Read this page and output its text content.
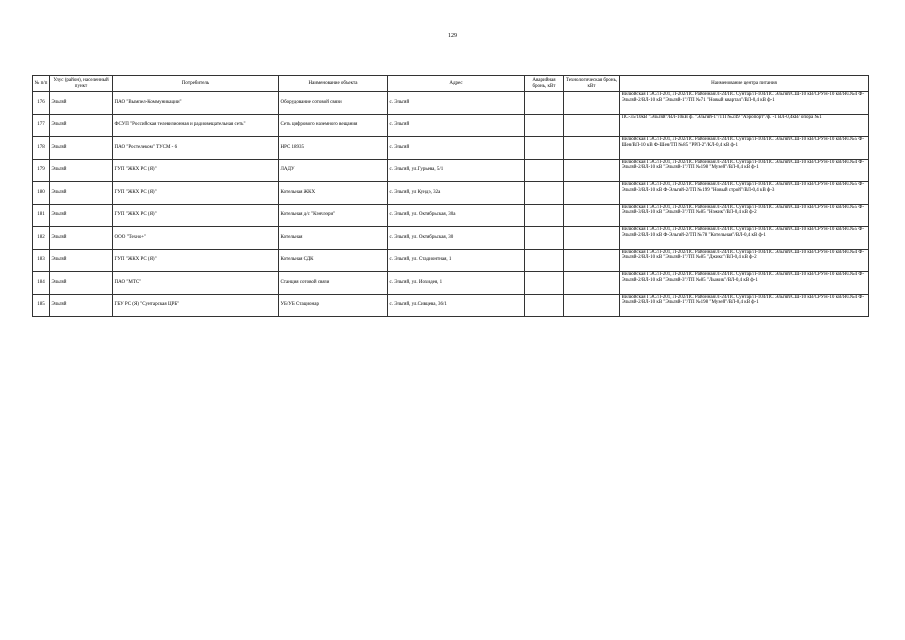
129
№ п/п	Улус (район), населенный пункт	Потребитель	Наименование объекта	Адрес	Аварийная бронь, кВт	Технологическая бронь, кВт	Наименование центра питания
176	Эльгяй	ПАО "Вымпел-Коммуникации"	Оборудование сотовой связи	с. Эльгяй			Вилюйская ГЭС/Л-201, Л-202/ПС Районная/Л-24/ПС Сунтар/Л-104/ПС Эльгяй/СШ-10 кВ/СРУН-10 кВ/Яч.№4 Ф-Эльгяй-2/ВЛ-10 кВ "Эльгяй-1"/ТП №71 "Новый квартал"/ВЛ-0,4 кВ ф-1

177	Эльгяй	ФСУП "Российская телевизионная и радиовещательная сеть"	Сеть цифрового наземного вещания	с. Эльгяй			ПС-35/10кВ "Эльгяй"/ВЛ-10кВ ф. "Эльгяй-1"/ТП №249 "Аэропорт"/ф. -1 ВЛ-0,4кВ/ опора №1

178	Эльгяй	ПАО "Ростелеком" ТУСМ - 6	НРС 18935	с. Эльгяй			Вилюйская ГЭС/Л-201, Л-202/ПС Районная/Л-24/ПС Сунтар/Л-104/ПС Эльгяй/СШ-10 кВ/СРУН-10 кВ/Яч.№5 Ф-Шея/ВЛ-10 кВ Ф-Шея/ТП №85 "РРЛ-2"/КЛ-0,4 кВ ф-1

179	Эльгяй	ГУП "ЖКХ РС (Я)"	ЛАДУ	с. Эльгяй, ул.Гурьева, 5/1			Вилюйская ГЭС/Л-201, Л-202/ПС Районная/Л-24/ПС Сунтар/Л-104/ПС Эльгяй/СШ-10 кВ/СРУН-10 кВ/Яч.№4 Ф-Эльгяй-2/ВЛ-10 кВ "Эльгяй-1"/ТП №198 "Музей"/ВЛ-0,4 кВ ф-1

180	Эльгяй	ГУП "ЖКХ РС (Я)"	Котельная ЖКХ	с. Эльгяй, ул Кундэ, 32а			Вилюйская ГЭС/Л-201, Л-202/ПС Районная/Л-24/ПС Сунтар/Л-104/ПС Эльгяй/СШ-10 кВ/СРУН-10 кВ/Яч.№5 Ф-Эльгяй-3/ВЛ-10 кВ Ф-Эльгяй-2/ТП №199 "Новый строй"/ВЛ-0,4 кВ ф-3

181	Эльгяй	ГУП "ЖКХ РС (Я)"	Котельная д/с "Кэнчээри"	с. Эльгяй, ул. Октябрьская, 30а			Вилюйская ГЭС/Л-201, Л-202/ПС Районная/Л-24/ПС Сунтар/Л-104/ПС Эльгяй/СШ-10 кВ/СРУН-10 кВ/Яч.№5 Ф-Эльгяй-3/ВЛ-10 кВ "Эльгяй-3"/ТП №85 "Нэжик"/ВЛ-0,4 кВ ф-2

182	Эльгяй	ООО "Техно+"	Котельная	с. Эльгяй, ул. Октябрьская, 30			Вилюйская ГЭС/Л-201, Л-202/ПС Районная/Л-24/ПС Сунтар/Л-104/ПС Эльгяй/СШ-10 кВ/СРУН-10 кВ/Яч.№5 Ф-Эльгяй-2/ВЛ-10 кВ Ф-Эльгяй-2/ТП №78 "Котельная"/ВЛ-0,4 кВ ф-1

183	Эльгяй	ГУП "ЖКХ РС (Я)"	Котельная СДК	с. Эльгяй, ул. Стадионтная, 1			Вилюйская ГЭС/Л-201, Л-202/ПС Районная/Л-24/ПС Сунтар/Л-104/ПС Эльгяй/СШ-10 кВ/СРУН-10 кВ/Яч.№4 Ф-Эльгяй-2/ВЛ-10 кВ "Эльгяй-1"/ТП №85 "Джикс"/ВЛ-0,4 кВ ф-2

184	Эльгяй	ПАО "МТС"	Станция сотовой связи	с. Эльгяй, ул. Иохидея, 1			Вилюйская ГЭС/Л-201, Л-202/ПС Районная/Л-24/ПС Сунтар/Л-104/ПС Эльгяй/СШ-10 кВ/СРУН-10 кВ/Яч.№4 Ф-Эльгяй-2/ВЛ-10 кВ "Эльгяй-3"/ТП №85 "Лыжик"/ВЛ-0,4 кВ ф-1

185	Эльгяй	ГБУ РС (Я) "Сунтарская ЦРБ"	УБ/УБ Стационар	с. Эльгяй, ул.Сивцева, 36/1			Вилюйская ГЭС/Л-201, Л-202/ПС Районная/Л-24/ПС Сунтар/Л-104/ПС Эльгяй/СШ-10 кВ/СРУН-10 кВ/Яч.№4 Ф-Эльгяй-2/ВЛ-10 кВ "Эльгяй-1"/ТП №198 "Музей"/ВЛ-0,4 кВ ф-1
